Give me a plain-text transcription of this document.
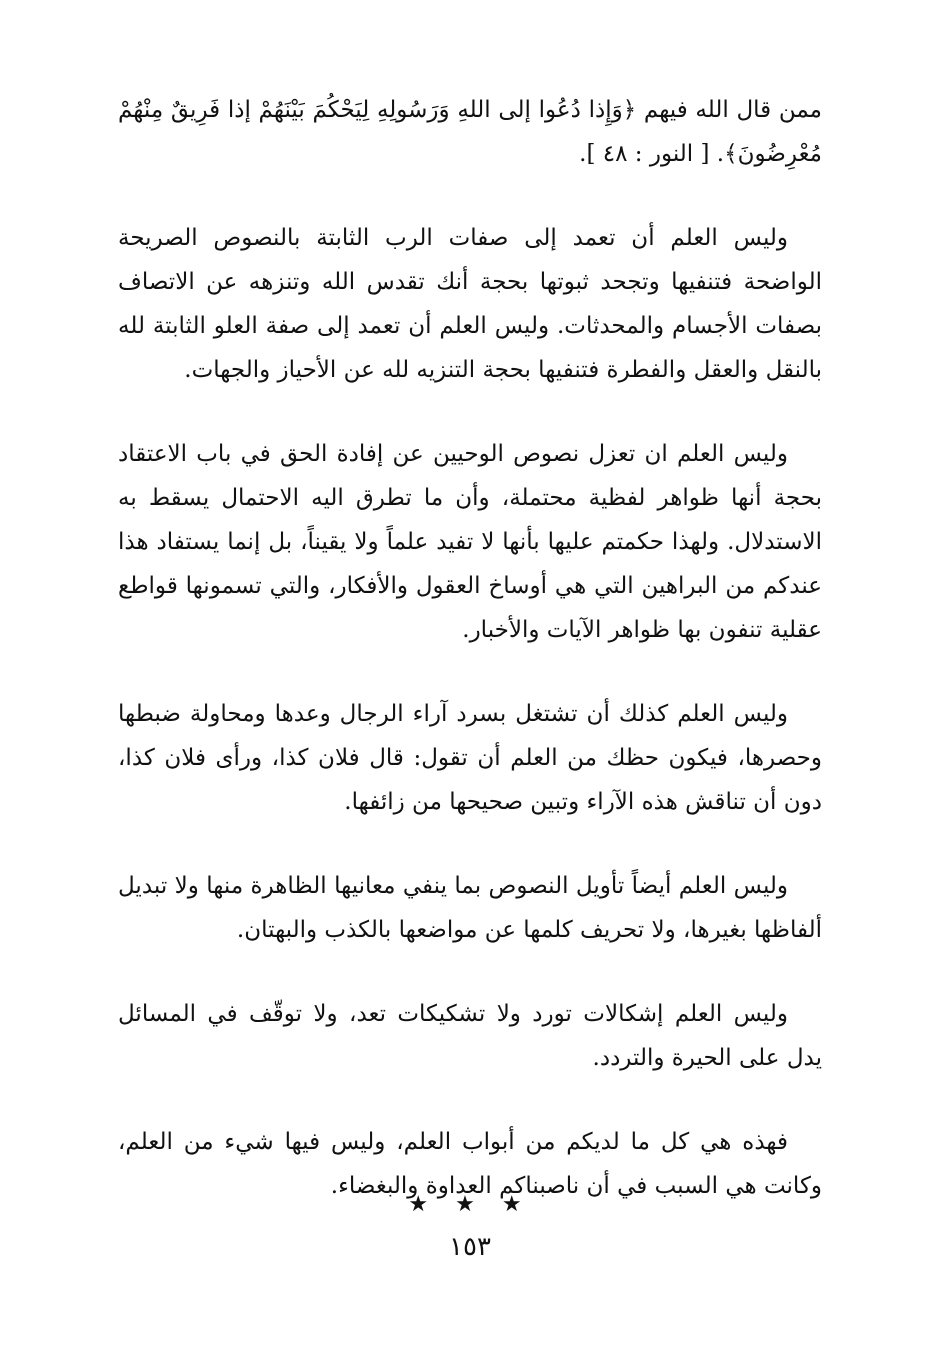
ممن قال الله فيهم ﴿وَإِذا دُعُوا إلى اللهِ وَرَسُولِهِ لِيَحْكُمَ بَيْنَهُمْ إذا فَرِيقٌ مِنْهُمْ مُعْرِضُونَ﴾. [ النور : ٤٨ ].

وليس العلم أن تعمد إلى صفات الرب الثابتة بالنصوص الصريحة الواضحة فتنفيها وتجحد ثبوتها بحجة أنك تقدس الله وتنزهه عن الاتصاف بصفات الأجسام والمحدثات. وليس العلم أن تعمد إلى صفة العلو الثابتة لله بالنقل والعقل والفطرة فتنفيها بحجة التنزيه لله عن الأحياز والجهات.

وليس العلم ان تعزل نصوص الوحيين عن إفادة الحق في باب الاعتقاد بحجة أنها ظواهر لفظية محتملة، وأن ما تطرق اليه الاحتمال يسقط به الاستدلال. ولهذا حكمتم عليها بأنها لا تفيد علماً ولا يقيناً، بل إنما يستفاد هذا عندكم من البراهين التي هي أوساخ العقول والأفكار، والتي تسمونها قواطع عقلية تنفون بها ظواهر الآيات والأخبار.

وليس العلم كذلك أن تشتغل بسرد آراء الرجال وعدها ومحاولة ضبطها وحصرها، فيكون حظك من العلم أن تقول: قال فلان كذا، ورأى فلان كذا، دون أن تناقش هذه الآراء وتبين صحيحها من زائفها.

وليس العلم أيضاً تأويل النصوص بما ينفي معانيها الظاهرة منها ولا تبديل ألفاظها بغيرها، ولا تحريف كلمها عن مواضعها بالكذب والبهتان.

وليس العلم إشكالات تورد ولا تشكيكات تعد، ولا توقّف في المسائل يدل على الحيرة والتردد.

فهذه هي كل ما لديكم من أبواب العلم، وليس فيها شيء من العلم، وكانت هي السبب في أن ناصبناكم العداوة والبغضاء.

★ ★ ★
١٥٣
